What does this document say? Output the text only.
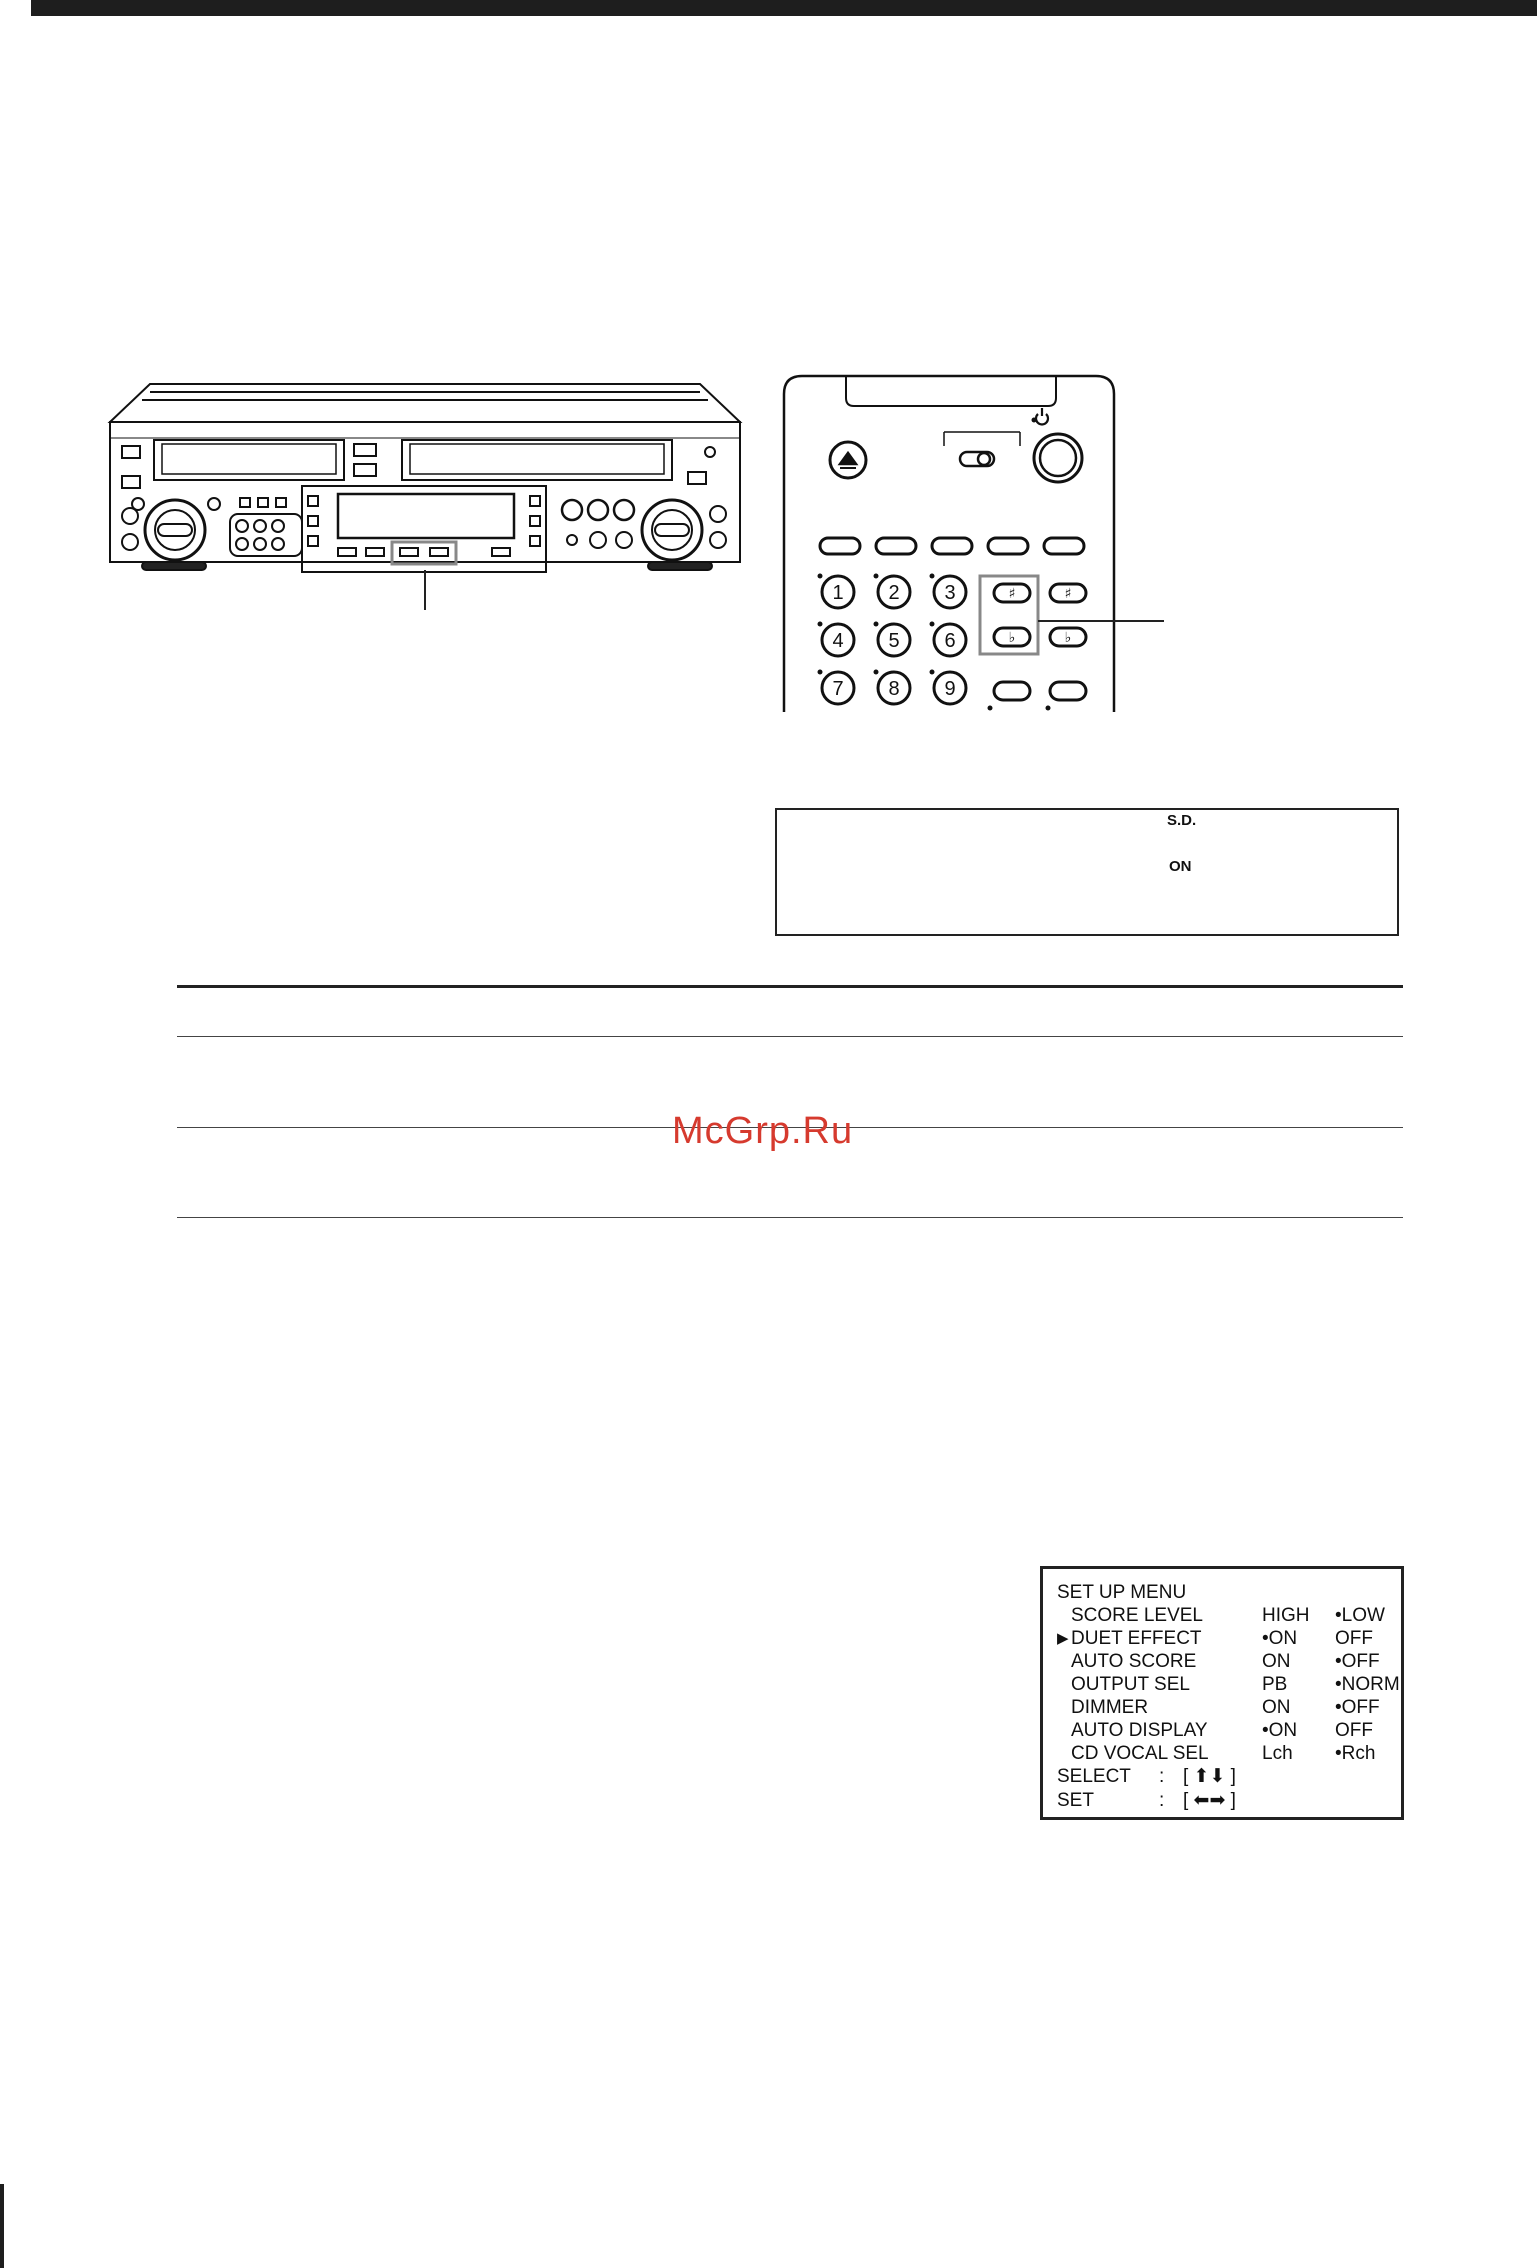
1 2 3
4 5 6
7 8 9
♯	♯
♭	♭
S.D.
ON
McGrp.Ru
SET UP MENU
SCORE LEVEL	HIGH •LOW
▶ DUET EFFECT	•ON OFF
AUTO SCORE	ON •OFF
OUTPUT SEL	PB	•NORM
DIMMER	ON •OFF
AUTO DISPLAY	•ON OFF
CD VOCAL SEL	Lch •Rch
SELECT : [ ⬆⬇ ]
SET	: [ ⬅➡ ]
